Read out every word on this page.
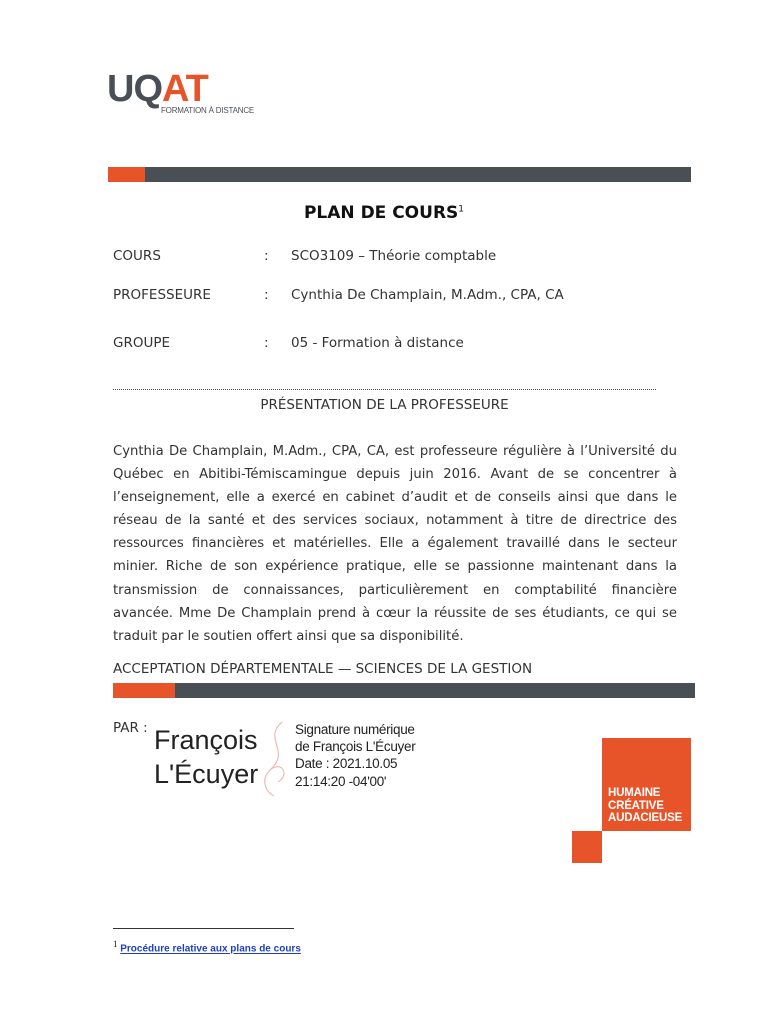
UQAT
FORMATION À DISTANCE
PLAN DE COURS$^1$
COURS	: SCO3109 – Théorie comptable
PROFESSEURE	: Cynthia De Champlain, M.Adm., CPA, CA
GROUPE	: 05 - Formation à distance
PRÉSENTATION DE LA PROFESSEURE
Cynthia De Champlain, M.Adm., CPA, CA, est professeure régulière à l’Université du Québec en Abitibi-Témiscamingue depuis juin 2016. Avant de se concentrer à l’enseignement, elle a exercé en cabinet d’audit et de conseils ainsi que dans le réseau de la santé et des services sociaux, notamment à titre de directrice des ressources financières et matérielles. Elle a également travaillé dans le secteur minier. Riche de son expérience pratique, elle se passionne maintenant dans la transmission de connaissances, particulièrement en comptabilité financière avancée. Mme De Champlain prend à cœur la réussite de ses étudiants, ce qui se traduit par le soutien offert ainsi que sa disponibilité.
ACCEPTATION DÉPARTEMENTALE — SCIENCES DE LA GESTION
PAR : François
L'Écuyer
Signature numérique
de François L'Écuyer
Date : 2021.10.05
21:14:20 -04'00'
HUMAINE
CRÉATIVE
AUDACIEUSE
$^1$ Procédure relative aux plans de cours
